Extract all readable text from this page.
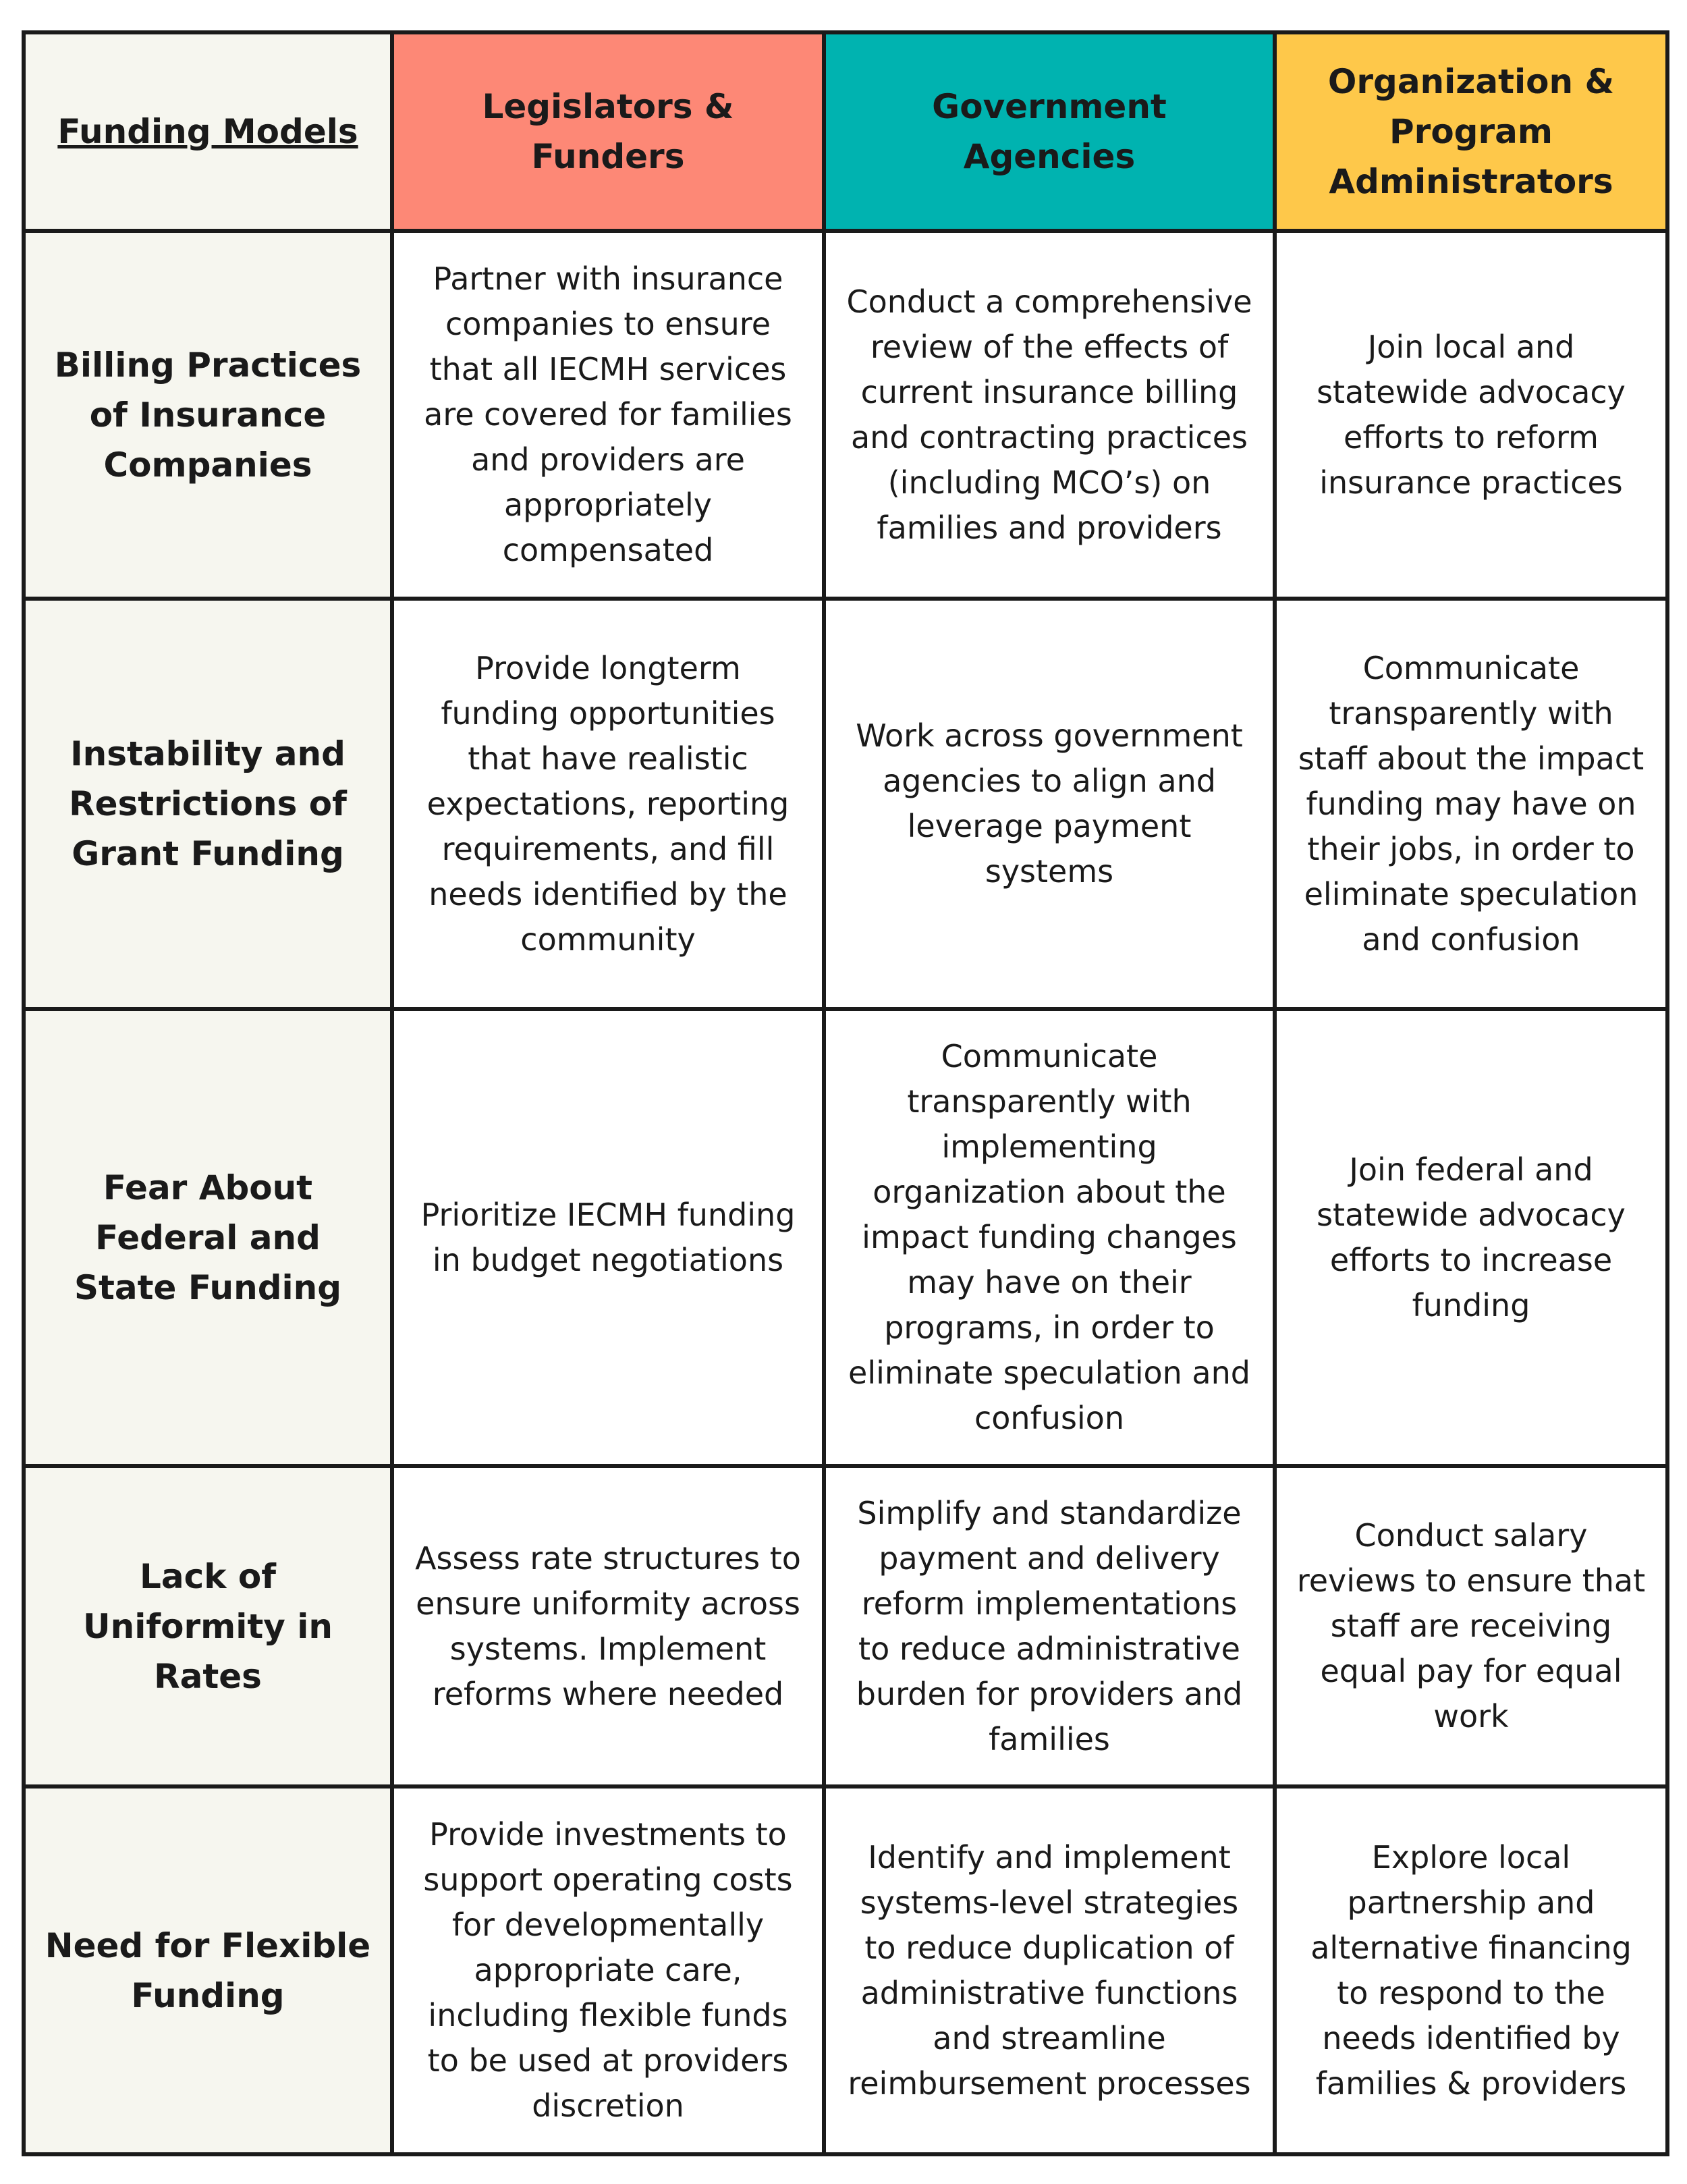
Funding Models	Legislators & Funders	Government Agencies	Organization & Program Administrators
Billing Practices of Insurance Companies	Partner with insurance companies to ensure that all IECMH services are covered for families and providers are appropriately compensated	Conduct a comprehensive review of the effects of current insurance billing and contracting practices (including MCO’s) on families and providers	Join local and statewide advocacy efforts to reform insurance practices
Instability and Restrictions of Grant Funding	Provide longterm funding opportunities that have realistic expectations, reporting requirements, and fill needs identified by the community	Work across government agencies to align and leverage payment systems	Communicate transparently with staff about the impact funding may have on their jobs, in order to eliminate speculation and confusion
Fear About Federal and State Funding	Prioritize IECMH funding in budget negotiations	Communicate transparently with implementing organization about the impact funding changes may have on their programs, in order to eliminate speculation and confusion	Join federal and statewide advocacy efforts to increase funding
Lack of Uniformity in Rates	Assess rate structures to ensure uniformity across systems. Implement reforms where needed	Simplify and standardize payment and delivery reform implementations to reduce administrative burden for providers and families	Conduct salary reviews to ensure that staff are receiving equal pay for equal work
Need for Flexible Funding	Provide investments to support operating costs for developmentally appropriate care, including flexible funds to be used at providers discretion	Identify and implement systems-level strategies to reduce duplication of administrative functions and streamline reimbursement processes	Explore local partnership and alternative financing to respond to the needs identified by families & providers
